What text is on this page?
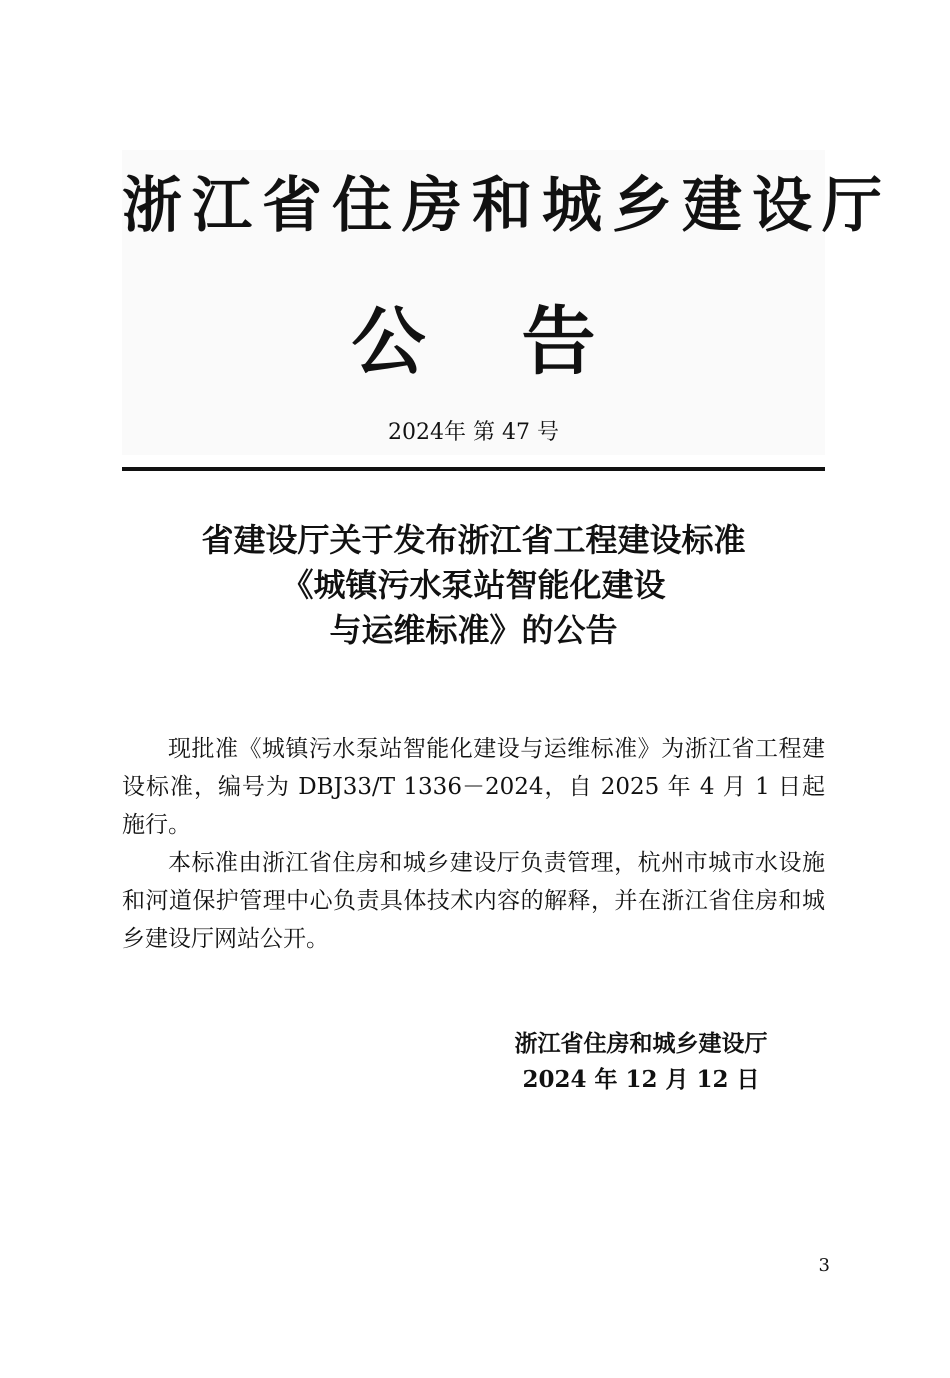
浙江省住房和城乡建设厅
公告
2024年 第 47 号
省建设厅关于发布浙江省工程建设标准
《城镇污水泵站智能化建设
与运维标准》的公告

现批准《城镇污水泵站智能化建设与运维标准》为浙江省工程建设标准，编号为 DBJ33/T 1336－2024，自 2025 年 4 月 1 日起施行。

本标准由浙江省住房和城乡建设厅负责管理，杭州市城市水设施和河道保护管理中心负责具体技术内容的解释，并在浙江省住房和城乡建设厅网站公开。

浙江省住房和城乡建设厅
2024 年 12 月 12 日
3
